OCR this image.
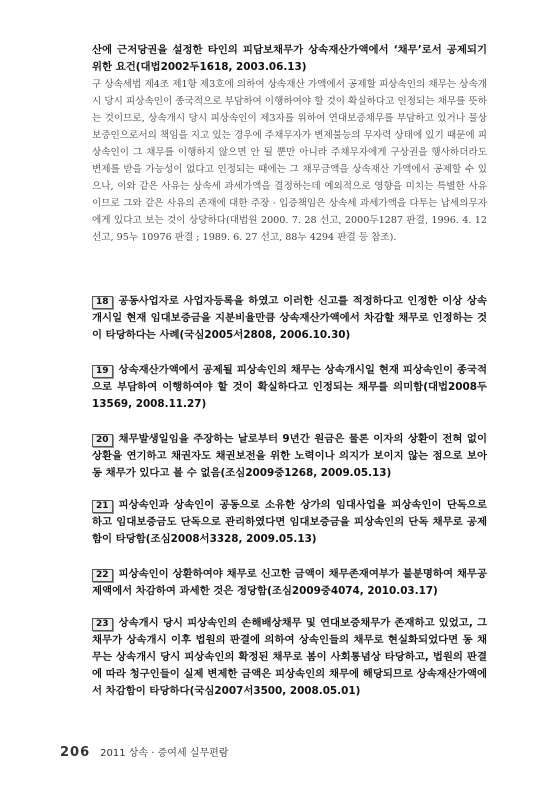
산에 근저당권을 설정한 타인의 피담보채무가 상속재산가액에서 ‘채무’로서 공제되기 위한 요건(대법2002두1618, 2003.06.13)

구 상속세법 제4조 제1항 제3호에 의하여 상속재산 가액에서 공제할 피상속인의 채무는 상속개시 당시 피상속인이 종국적으로 부담하여 이행하여야 할 것이 확실하다고 인정되는 채무를 뜻하는 것이므로, 상속개시 당시 피상속인이 제3자를 위하여 연대보증채무를 부담하고 있거나 물상보증인으로서의 책임을 지고 있는 경우에 주채무자가 변제불능의 무자력 상태에 있기 때문에 피상속인이 그 채무를 이행하지 않으면 안 될 뿐만 아니라 주채무자에게 구상권을 행사하더라도 변제를 받을 가능성이 없다고 인정되는 때에는 그 채무금액을 상속재산 가액에서 공제할 수 있으나, 이와 같은 사유는 상속세 과세가액을 결정하는데 예외적으로 영향을 미치는 특별한 사유이므로 그와 같은 사유의 존재에 대한 주장 · 입증책임은 상속세 과세가액을 다투는 납세의무자에게 있다고 보는 것이 상당하다(대법원 2000. 7. 28 선고, 2000두1287 판결, 1996. 4. 12 선고, 95누 10976 판결 ; 1989. 6. 27 선고, 88누 4294 판결 등 참조).

18 공동사업자로 사업자등록을 하였고 이러한 신고를 적정하다고 인정한 이상 상속개시일 현재 임대보증금을 지분비율만큼 상속재산가액에서 차감할 채무로 인정하는 것이 타당하다는 사례(국심2005서2808, 2006.10.30)

19 상속재산가액에서 공제될 피상속인의 채무는 상속개시일 현재 피상속인이 종국적으로 부담하여 이행하여야 할 것이 확실하다고 인정되는 채무를 의미함(대법2008두13569, 2008.11.27)

20 채무발생일임을 주장하는 날로부터 9년간 원금은 물론 이자의 상환이 전혀 없이 상환을 연기하고 채권자도 채권보전을 위한 노력이나 의지가 보이지 않는 점으로 보아 동 채무가 있다고 볼 수 없음(조심2009중1268, 2009.05.13)

21 피상속인과 상속인이 공동으로 소유한 상가의 임대사업을 피상속인이 단독으로 하고 임대보증금도 단독으로 관리하였다면 임대보증금을 피상속인의 단독 채무로 공제함이 타당함(조심2008서3328, 2009.05.13)

22 피상속인이 상환하여야 채무로 신고한 금액이 채무존재여부가 불분명하여 채무공제액에서 차감하여 과세한 것은 정당함(조심2009중4074, 2010.03.17)

23 상속개시 당시 피상속인의 손해배상채무 및 연대보증채무가 존재하고 있었고, 그 채무가 상속개시 이후 법원의 판결에 의하여 상속인들의 채무로 현실화되었다면 동 채무는 상속개시 당시 피상속인의 확정된 채무로 봄이 사회통념상 타당하고, 법원의 판결에 따라 청구인들이 실제 변제한 금액은 피상속인의 채무에 해당되므로 상속재산가액에서 차감함이 타당하다(국심2007서3500, 2008.05.01)

206 2011 상속 · 증여세 실무편람
